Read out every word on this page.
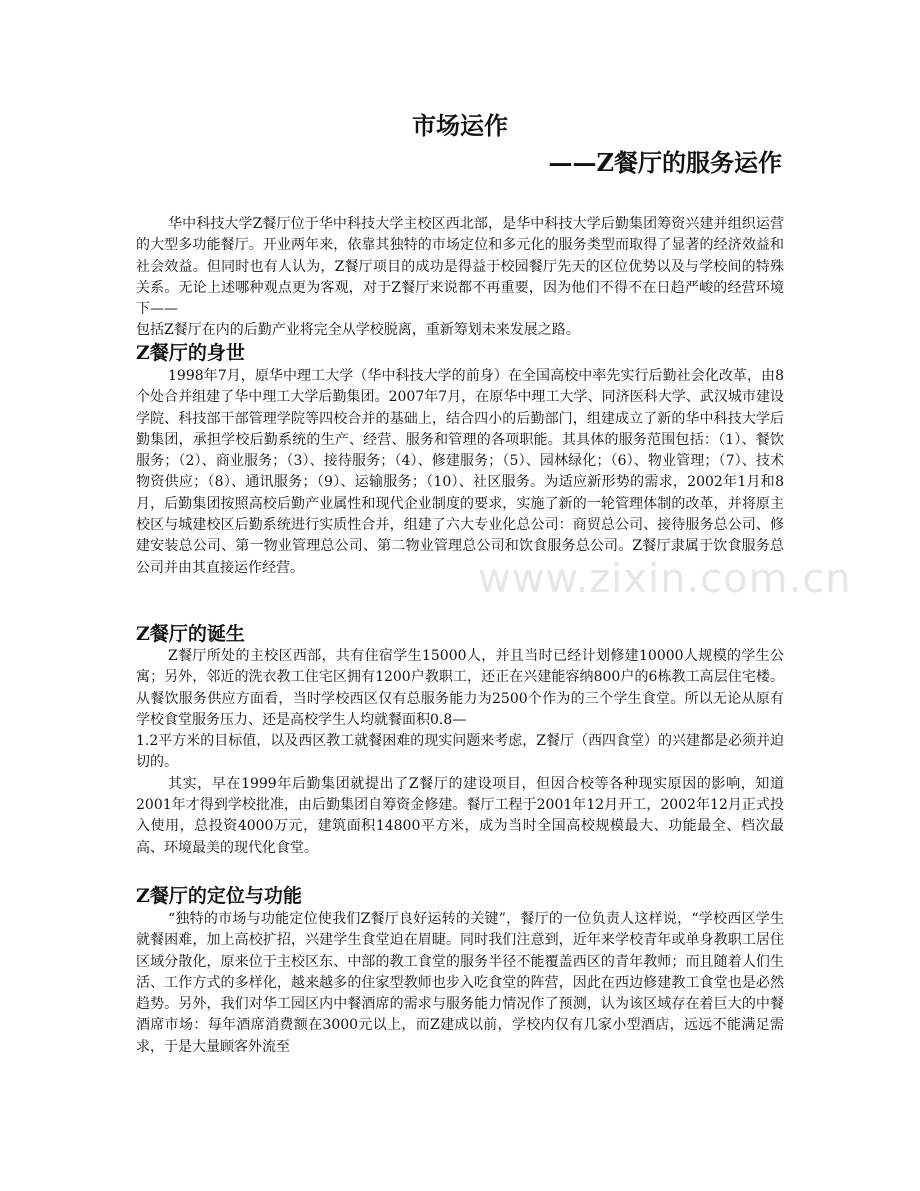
市场运作
——Z餐厅的服务运作

华中科技大学Z餐厅位于华中科技大学主校区西北部，是华中科技大学后勤集团筹资兴建并组织运营的大型多功能餐厅。开业两年来，依靠其独特的市场定位和多元化的服务类型而取得了显著的经济效益和社会效益。但同时也有人认为，Z餐厅项目的成功是得益于校园餐厅先天的区位优势以及与学校间的特殊关系。无论上述哪种观点更为客观，对于Z餐厅来说都不再重要，因为他们不得不在日趋严峻的经营环境下——

包括Z餐厅在内的后勤产业将完全从学校脱离，重新筹划未来发展之路。

Z餐厅的身世

1998年7月，原华中理工大学（华中科技大学的前身）在全国高校中率先实行后勤社会化改革，由8个处合并组建了华中理工大学后勤集团。2007年7月，在原华中理工大学、同济医科大学、武汉城市建设学院、科技部干部管理学院等四校合并的基础上，结合四小的后勤部门，组建成立了新的华中科技大学后勤集团，承担学校后勤系统的生产、经营、服务和管理的各项职能。其具体的服务范围包括：（1）、餐饮服务；（2）、商业服务；（3）、接待服务；（4）、修建服务；（5）、园林绿化；（6）、物业管理；（7）、技术物资供应；（8）、通讯服务；（9）、运输服务；（10）、社区服务。为适应新形势的需求，2002年1月和8月，后勤集团按照高校后勤产业属性和现代企业制度的要求，实施了新的一轮管理体制的改革，并将原主校区与城建校区后勤系统进行实质性合并，组建了六大专业化总公司：商贸总公司、接待服务总公司、修建安装总公司、第一物业管理总公司、第二物业管理总公司和饮食服务总公司。Z餐厅隶属于饮食服务总公司并由其直接运作经营。

Z餐厅的诞生

Z餐厅所处的主校区西部，共有住宿学生15000人，并且当时已经计划修建10000人规模的学生公寓；另外，邻近的洗衣教工住宅区拥有1200户教职工，还正在兴建能容纳800户的6栋教工高层住宅楼。从餐饮服务供应方面看，当时学校西区仅有总服务能力为2500个作为的三个学生食堂。所以无论从原有学校食堂服务压力、还是高校学生人均就餐面积0.8—

1.2平方米的目标值，以及西区教工就餐困难的现实问题来考虑，Z餐厅（西四食堂）的兴建都是必须并迫切的。

其实，早在1999年后勤集团就提出了Z餐厅的建设项目，但因合校等各种现实原因的影响，知道2001年才得到学校批准，由后勤集团自筹资金修建。餐厅工程于2001年12月开工，2002年12月正式投入使用，总投资4000万元，建筑面积14800平方米，成为当时全国高校规模最大、功能最全、档次最高、环境最美的现代化食堂。

Z餐厅的定位与功能

“独特的市场与功能定位使我们Z餐厅良好运转的关键”，餐厅的一位负责人这样说，“学校西区学生就餐困难，加上高校扩招，兴建学生食堂迫在眉睫。同时我们注意到，近年来学校青年或单身教职工居住区域分散化，原来位于主校区东、中部的教工食堂的服务半径不能覆盖西区的青年教师；而且随着人们生活、工作方式的多样化，越来越多的住家型教师也步入吃食堂的阵营，因此在西边修建教工食堂也是必然趋势。另外，我们对华工园区内中餐酒席的需求与服务能力情况作了预测，认为该区域存在着巨大的中餐酒席市场：每年酒席消费额在3000元以上，而Z建成以前，学校内仅有几家小型酒店，远远不能满足需求，于是大量顾客外流至

www.zixin.com.cn
